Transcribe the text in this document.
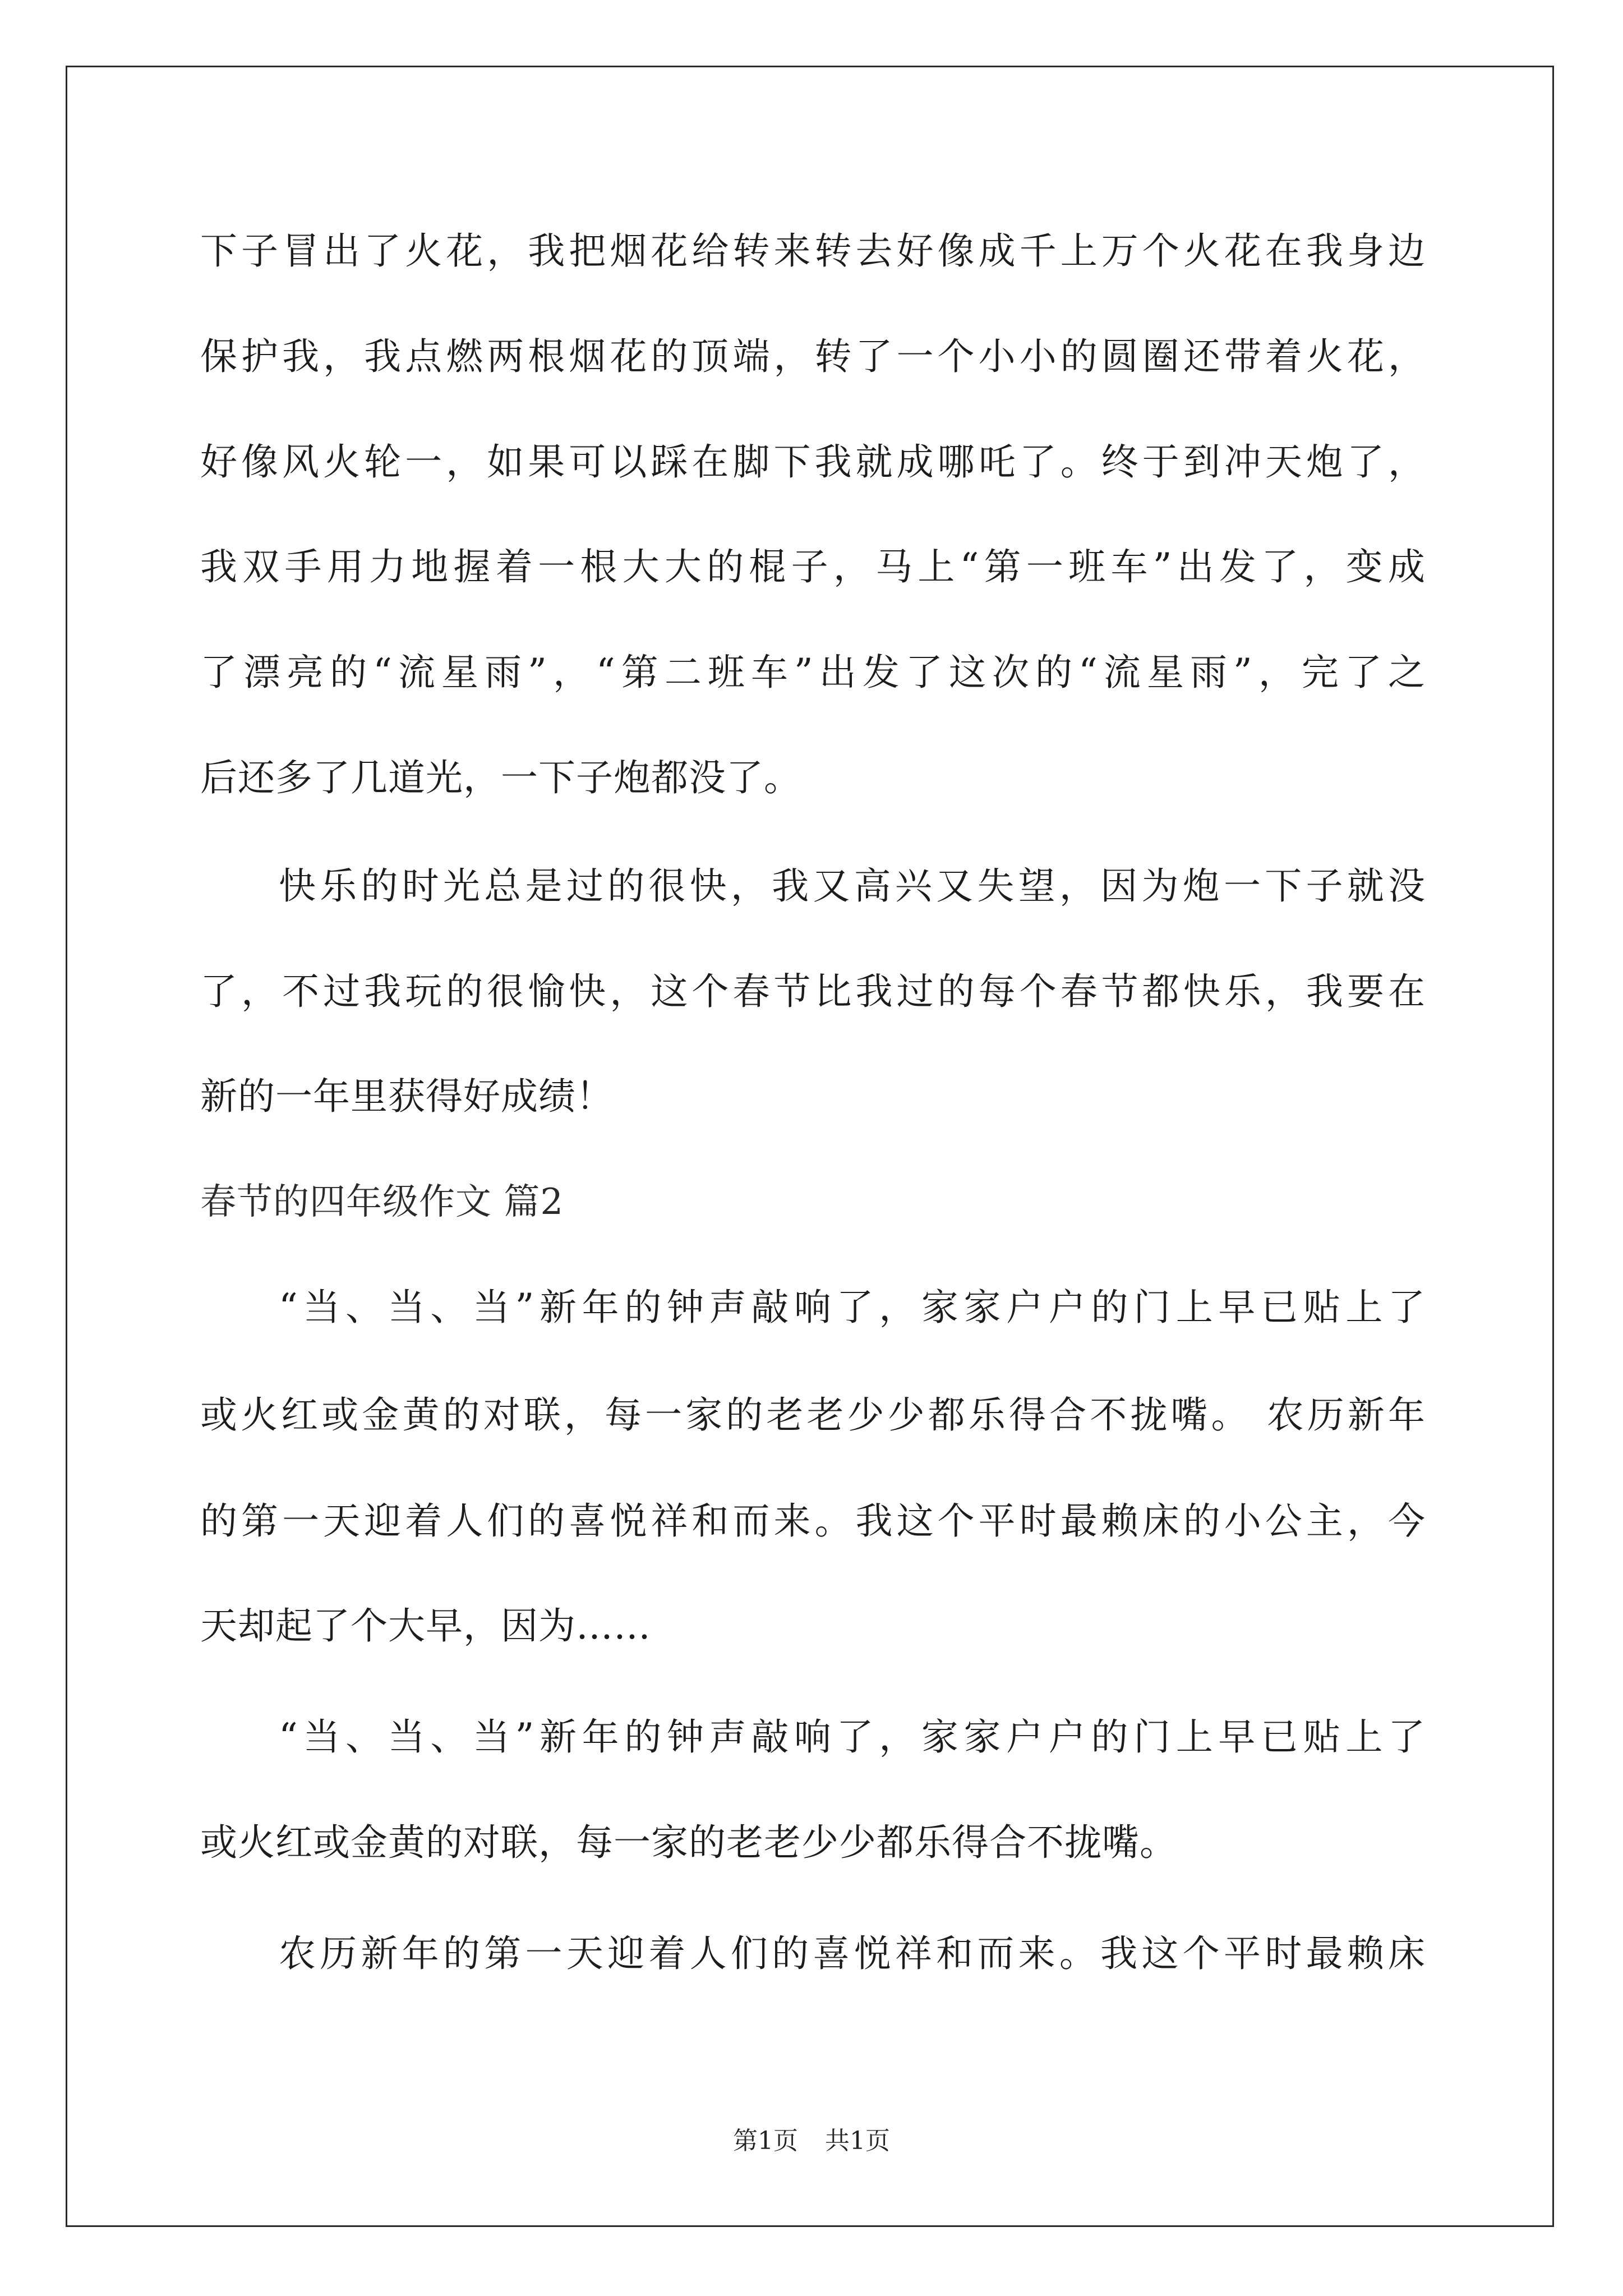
下子冒出了火花，我把烟花给转来转去好像成千上万个火花在我身边
保护我，我点燃两根烟花的顶端，转了一个小小的圆圈还带着火花，
好像风火轮一，如果可以踩在脚下我就成哪吒了。终于到冲天炮了，
我双手用力地握着一根大大的棍子，马上“第一班车”出发了，变成
了漂亮的“流星雨”，“第二班车”出发了这次的“流星雨”，完了之
后还多了几道光，一下子炮都没了。
快乐的时光总是过的很快，我又高兴又失望，因为炮一下子就没
了，不过我玩的很愉快，这个春节比我过的每个春节都快乐，我要在
新的一年里获得好成绩！
春节的四年级作文 篇2
“当、当、当”新年的钟声敲响了，家家户户的门上早已贴上了
或火红或金黄的对联，每一家的老老少少都乐得合不拢嘴。 农历新年
的第一天迎着人们的喜悦祥和而来。我这个平时最赖床的小公主，今
天却起了个大早，因为……
“当、当、当”新年的钟声敲响了，家家户户的门上早已贴上了
或火红或金黄的对联，每一家的老老少少都乐得合不拢嘴。
农历新年的第一天迎着人们的喜悦祥和而来。我这个平时最赖床
第1页 共1页
